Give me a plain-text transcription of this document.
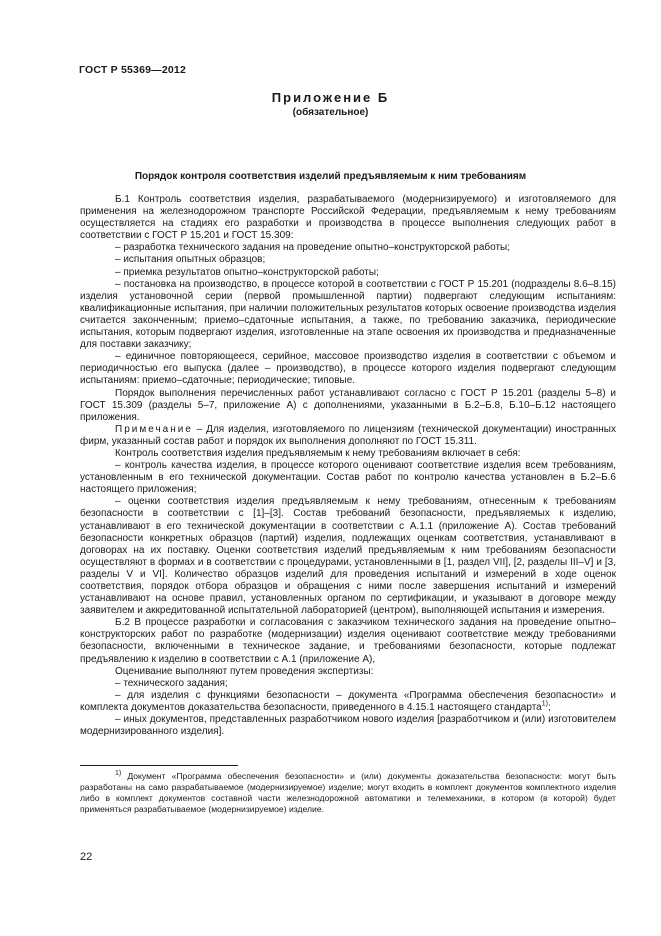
ГОСТ Р 55369—2012
Приложение Б
(обязательное)
Порядок контроля соответствия изделий предъявляемым к ним требованиям

Б.1 Контроль соответствия изделия, разрабатываемого (модернизируемого) и изготовляемого для применения на железнодорожном транспорте Российской Федерации, предъявляемым к нему требованиям осуществляется на стадиях его разработки и производства в процессе выполнения следующих работ в соответствии с ГОСТ Р 15.201 и ГОСТ 15.309:

– разработка технического задания на проведение опытно–конструкторской работы;

– испытания опытных образцов;

– приемка результатов опытно–конструкторской работы;

– постановка на производство, в процессе которой в соответствии с ГОСТ Р 15.201 (подразделы 8.6–8.15) изделия установочной серии (первой промышленной партии) подвергают следующим испытаниям: квалификационные испытания, при наличии положительных результатов которых освоение производства изделия считается законченным; приемо–сдаточные испытания, а также, по требованию заказчика, периодические испытания, которым подвергают изделия, изготовленные на этапе освоения их производства и предназначенные для поставки заказчику;

– единичное повторяющееся, серийное, массовое производство изделия в соответствии с объемом и периодичностью его выпуска (далее – производство), в процессе которого изделия подвергают следующим испытаниям: приемо–сдаточные; периодические; типовые.

Порядок выполнения перечисленных работ устанавливают согласно с ГОСТ Р 15.201 (разделы 5–8) и ГОСТ 15.309 (разделы 5–7, приложение А) с дополнениями, указанными в Б.2–Б.8, Б.10–Б.12 настоящего приложения.

Примечание – Для изделия, изготовляемого по лицензиям (технической документации) иностранных фирм, указанный состав работ и порядок их выполнения дополняют по ГОСТ 15.311.

Контроль соответствия изделия предъявляемым к нему требованиям включает в себя:

– контроль качества изделия, в процессе которого оценивают соответствие изделия всем требованиям, установленным в его технической документации. Состав работ по контролю качества установлен в Б.2–Б.6 настоящего приложения;

– оценки соответствия изделия предъявляемым к нему требованиям, отнесенным к требованиям безопасности в соответствии с [1]–[3]. Состав требований безопасности, предъявляемых к изделию, устанавливают в его технической документации в соответствии с А.1.1 (приложение А). Состав требований безопасности конкретных образцов (партий) изделия, подлежащих оценкам соответствия, устанавливают в договорах на их поставку. Оценки соответствия изделий предъявляемым к ним требованиям безопасности осуществляют в формах и в соответствии с процедурами, установленными в [1, раздел VII], [2, разделы III–V] и [3, разделы V и VI]. Количество образцов изделий для проведения испытаний и измерений в ходе оценок соответствия, порядок отбора образцов и обращения с ними после завершения испытаний и измерений устанавливают на основе правил, установленных органом по сертификации, и указывают в договоре между заявителем и аккредитованной испытательной лабораторией (центром), выполняющей испытания и измерения.

Б.2 В процессе разработки и согласования с заказчиком технического задания на проведение опытно–конструкторских работ по разработке (модернизации) изделия оценивают соответствие между требованиями безопасности, включенными в техническое задание, и требованиями безопасности, которые подлежат предъявлению к изделию в соответствии с А.1 (приложение А),

Оценивание выполняют путем проведения экспертизы:

– технического задания;

– для изделия с функциями безопасности – документа «Программа обеспечения безопасности» и комплекта документов доказательства безопасности, приведенного в 4.15.1 настоящего стандарта$^{1)}$;

– иных документов, представленных разработчиком нового изделия [разработчиком и (или) изготовителем модернизированного изделия].

$^{1)}$ Документ «Программа обеспечения безопасности» и (или) документы доказательства безопасности: могут быть разработаны на само разрабатываемое (модернизируемое) изделие; могут входить в комплект документов комплектного изделия либо в комплект документов составной части железнодорожной автоматики и телемеханики, в котором (в которой) будет применяться разрабатываемое (модернизируемое) изделие.

22
